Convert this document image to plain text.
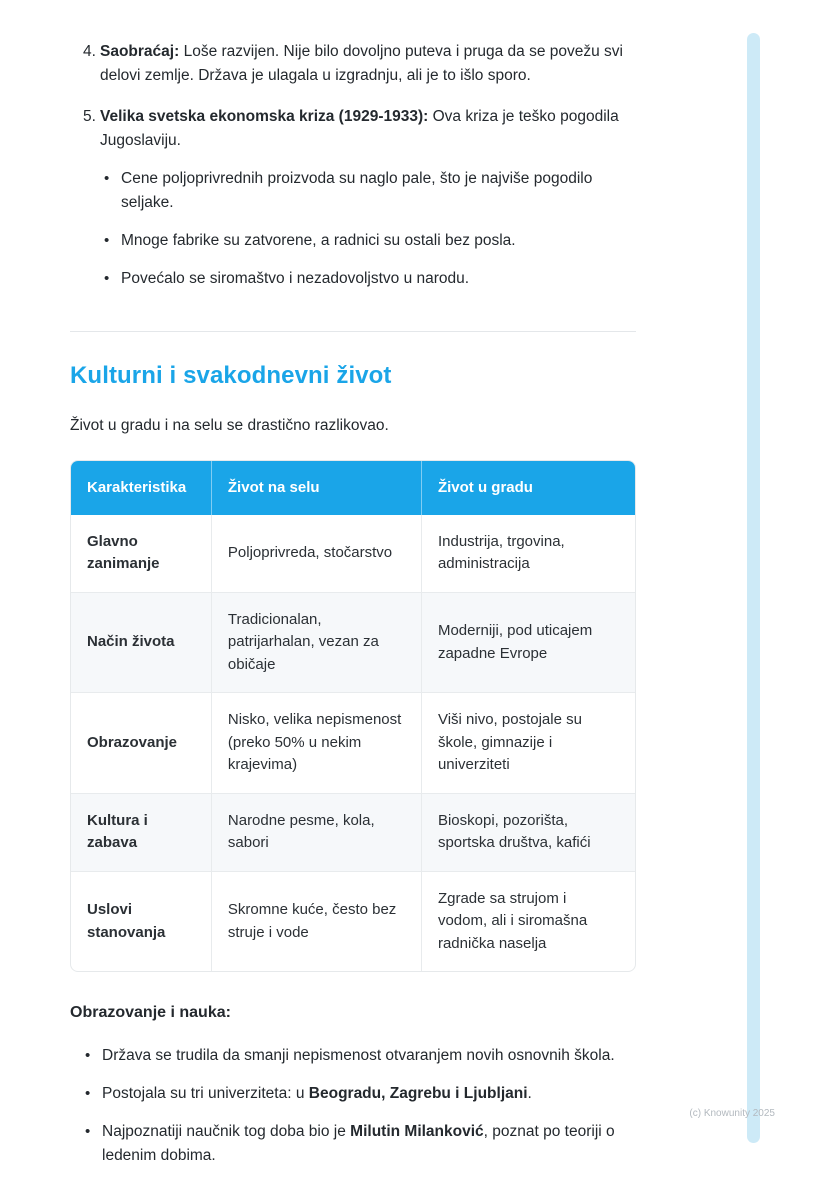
4. Saobraćaj: Loše razvijen. Nije bilo dovoljno puteva i pruga da se povežu svi delovi zemlje. Država je ulagala u izgradnju, ali je to išlo sporo.
5. Velika svetska ekonomska kriza (1929-1933): Ova kriza je teško pogodila Jugoslaviju.
• Cene poljoprivrednih proizvoda su naglo pale, što je najviše pogodilo seljake.
• Mnoge fabrike su zatvorene, a radnici su ostali bez posla.
• Povećalo se siromaštvo i nezadovoljstvo u narodu.
Kulturni i svakodnevni život

Život u gradu i na selu se drastično razlikovao.

Karakteristika	Život na selu	Život u gradu
Glavno zanimanje	Poljoprivreda, stočarstvo	Industrija, trgovina, administracija
Način života	Tradicionalan, patrijarhalan, vezan za običaje	Moderniji, pod uticajem zapadne Evrope
Obrazovanje	Nisko, velika nepismenost (preko 50% u nekim krajevima)	Viši nivo, postojale su škole, gimnazije i univerziteti
Kultura i zabava	Narodne pesme, kola, sabori	Bioskopi, pozorišta, sportska društva, kafići
Uslovi stanovanja	Skromne kuće, često bez struje i vode	Zgrade sa strujom i vodom, ali i siromašna radnička naselja

Obrazovanje i nauka:

• Država se trudila da smanji nepismenost otvaranjem novih osnovnih škola.
• Postojala su tri univerziteta: u Beogradu, Zagrebu i Ljubljani.
• Najpoznatiji naučnik tog doba bio je Milutin Milanković, poznat po teoriji o ledenim dobima.
(c) Knowunity 2025
